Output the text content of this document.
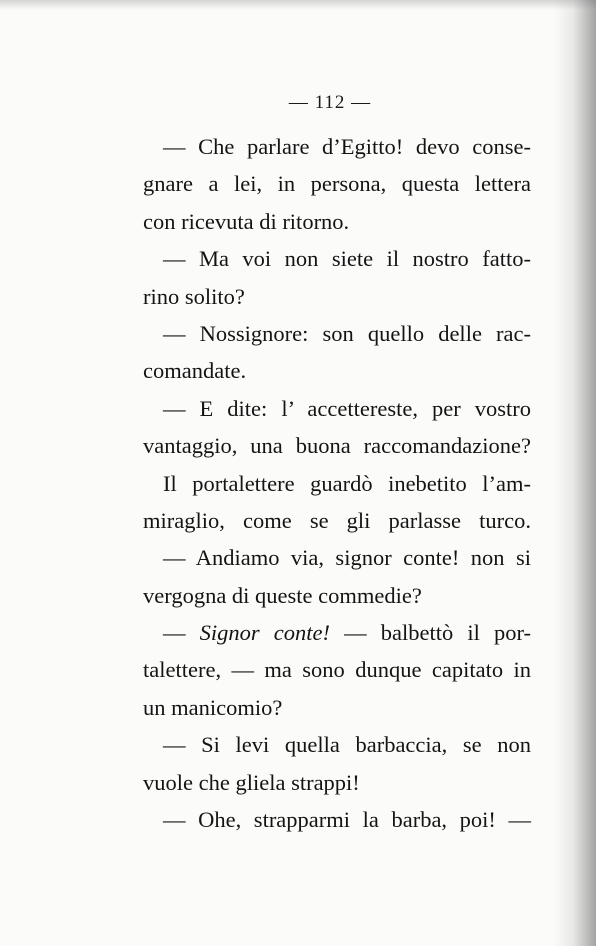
— 112 —
— Che parlare d’Egitto! devo conse-
gnare a lei, in persona, questa lettera
con ricevuta di ritorno.
— Ma voi non siete il nostro fatto-
rino solito?
— Nossignore: son quello delle rac-
comandate.
— E dite: l’ accettereste, per vostro
vantaggio, una buona raccomandazione?
Il portalettere guardò inebetito l’am-
miraglio, come se gli parlasse turco.
— Andiamo via, signor conte! non si
vergogna di queste commedie?
— Signor conte! — balbettò il por-
talettere, — ma sono dunque capitato in
un manicomio?
— Si levi quella barbaccia, se non
vuole che gliela strappi!
— Ohe, strapparmi la barba, poi! —
